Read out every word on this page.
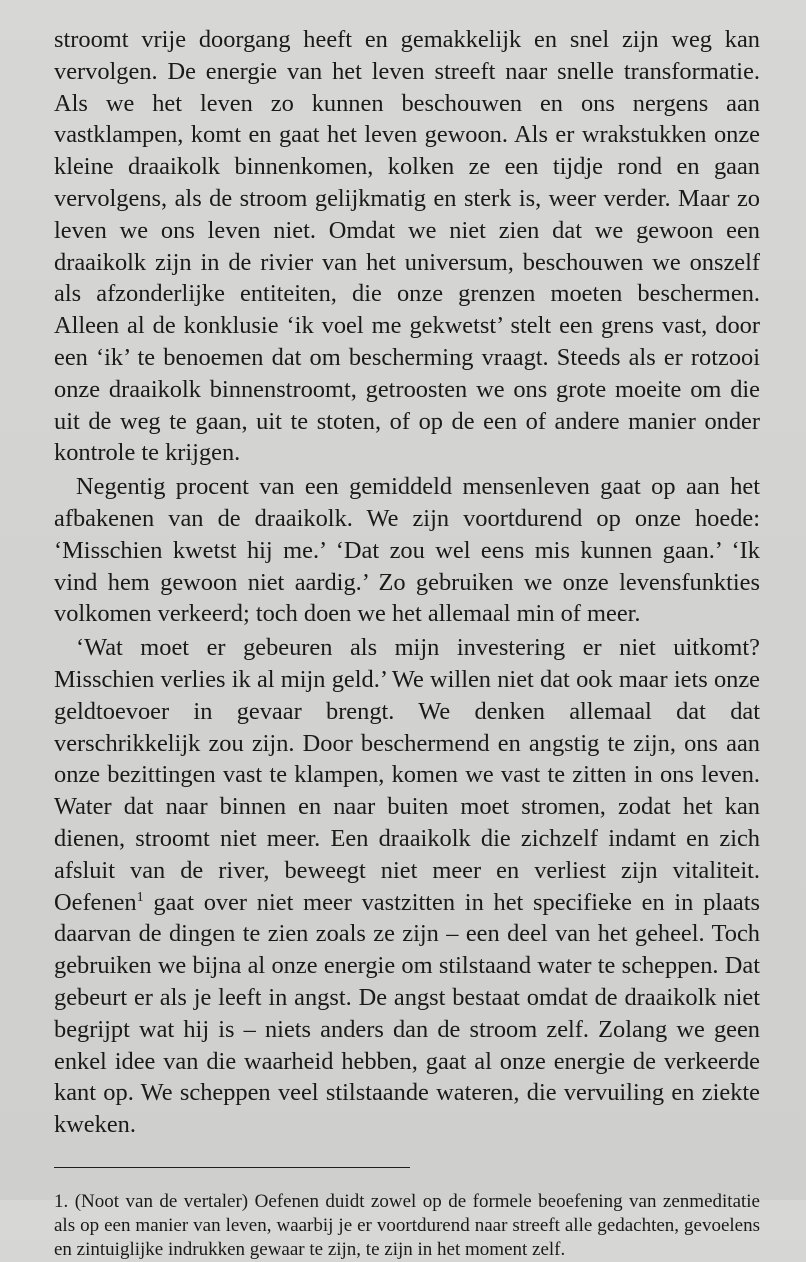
stroomt vrije doorgang heeft en gemakkelijk en snel zijn weg kan vervolgen. De energie van het leven streeft naar snelle transformatie. Als we het leven zo kunnen beschouwen en ons nergens aan vastklampen, komt en gaat het leven gewoon. Als er wrakstukken onze kleine draaikolk binnenkomen, kolken ze een tijdje rond en gaan vervolgens, als de stroom gelijkmatig en sterk is, weer verder. Maar zo leven we ons leven niet. Omdat we niet zien dat we gewoon een draaikolk zijn in de rivier van het universum, beschouwen we onszelf als afzonderlijke entiteiten, die onze grenzen moeten beschermen. Alleen al de konklusie ‘ik voel me gekwetst’ stelt een grens vast, door een ‘ik’ te benoemen dat om bescherming vraagt. Steeds als er rotzooi onze draaikolk binnenstroomt, getroosten we ons grote moeite om die uit de weg te gaan, uit te stoten, of op de een of andere manier onder kontrole te krijgen.

Negentig procent van een gemiddeld mensenleven gaat op aan het afbakenen van de draaikolk. We zijn voortdurend op onze hoede: ‘Misschien kwetst hij me.’ ‘Dat zou wel eens mis kunnen gaan.’ ‘Ik vind hem gewoon niet aardig.’ Zo gebruiken we onze levensfunkties volkomen verkeerd; toch doen we het allemaal min of meer.

‘Wat moet er gebeuren als mijn investering er niet uitkomt? Misschien verlies ik al mijn geld.’ We willen niet dat ook maar iets onze geldtoevoer in gevaar brengt. We denken allemaal dat dat verschrikkelijk zou zijn. Door beschermend en angstig te zijn, ons aan onze bezittingen vast te klampen, komen we vast te zitten in ons leven. Water dat naar binnen en naar buiten moet stromen, zodat het kan dienen, stroomt niet meer. Een draaikolk die zichzelf indamt en zich afsluit van de river, beweegt niet meer en verliest zijn vitaliteit. Oefenen$^1$ gaat over niet meer vastzitten in het specifieke en in plaats daarvan de dingen te zien zoals ze zijn – een deel van het geheel. Toch gebruiken we bijna al onze energie om stilstaand water te scheppen. Dat gebeurt er als je leeft in angst. De angst bestaat omdat de draaikolk niet begrijpt wat hij is – niets anders dan de stroom zelf. Zolang we geen enkel idee van die waarheid hebben, gaat al onze energie de verkeerde kant op. We scheppen veel stilstaande wateren, die vervuiling en ziekte kweken.

1. (Noot van de vertaler) Oefenen duidt zowel op de formele beoefening van zenmeditatie als op een manier van leven, waarbij je er voortdurend naar streeft alle gedachten, gevoelens en zintuiglijke indrukken gewaar te zijn, te zijn in het moment zelf.
